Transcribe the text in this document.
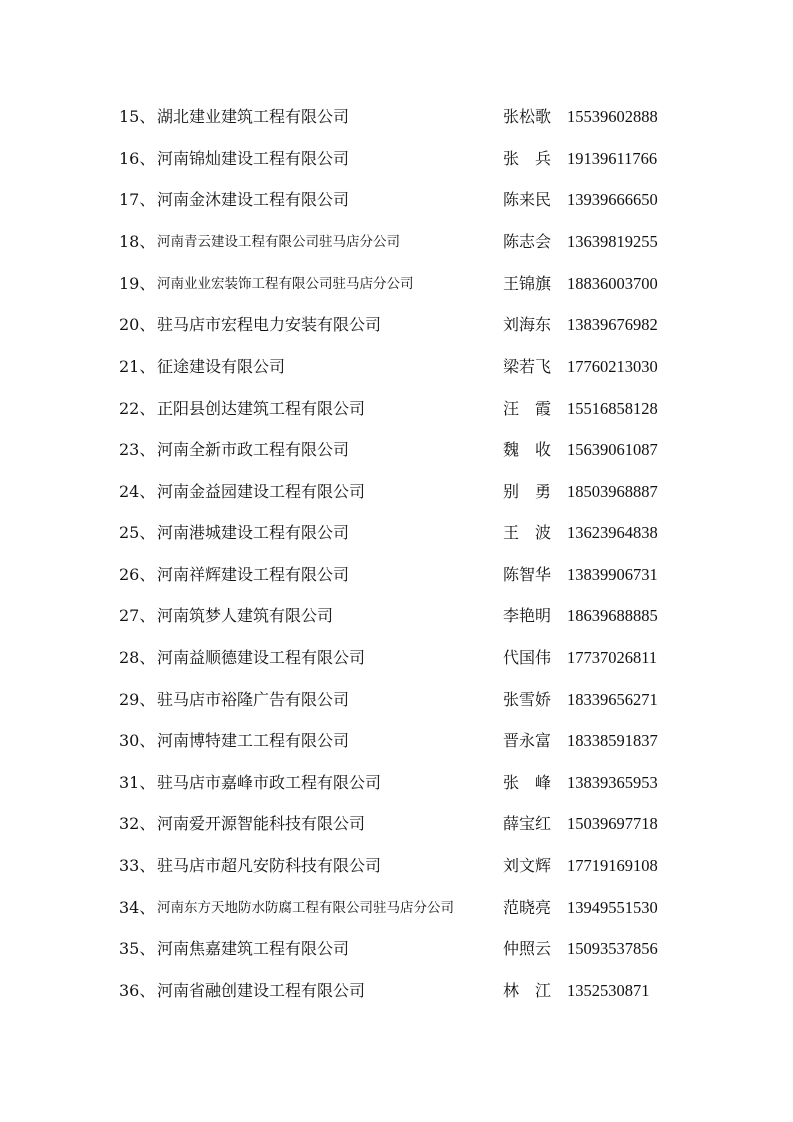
15、 湖北建业建筑工程有限公司	张松歌 15539602888
16、 河南锦灿建设工程有限公司	张　兵 19139611766
17、 河南金沐建设工程有限公司	陈来民 13939666650
18、 河南青云建设工程有限公司驻马店分公司	陈志会 13639819255
19、 河南业业宏装饰工程有限公司驻马店分公司	王锦旗 18836003700
20、 驻马店市宏程电力安装有限公司	刘海东 13839676982
21、 征途建设有限公司	梁若飞 17760213030
22、 正阳县创达建筑工程有限公司	汪　霞 15516858128
23、 河南全新市政工程有限公司	魏　收 15639061087
24、 河南金益园建设工程有限公司	别　勇 18503968887
25、 河南港城建设工程有限公司	王　波 13623964838
26、 河南祥辉建设工程有限公司	陈智华 13839906731
27、 河南筑梦人建筑有限公司	李艳明 18639688885
28、 河南益顺德建设工程有限公司	代国伟 17737026811
29、 驻马店市裕隆广告有限公司	张雪娇 18339656271
30、 河南博特建工工程有限公司	晋永富 18338591837
31、 驻马店市嘉峰市政工程有限公司	张　峰 13839365953
32、 河南爱开源智能科技有限公司	薛宝红 15039697718
33、 驻马店市超凡安防科技有限公司	刘文辉 17719169108
34、 河南东方天地防水防腐工程有限公司驻马店分公司	范晓亮 13949551530
35、 河南焦嘉建筑工程有限公司	仲照云 15093537856
36、 河南省融创建设工程有限公司	林　江 1352530871
